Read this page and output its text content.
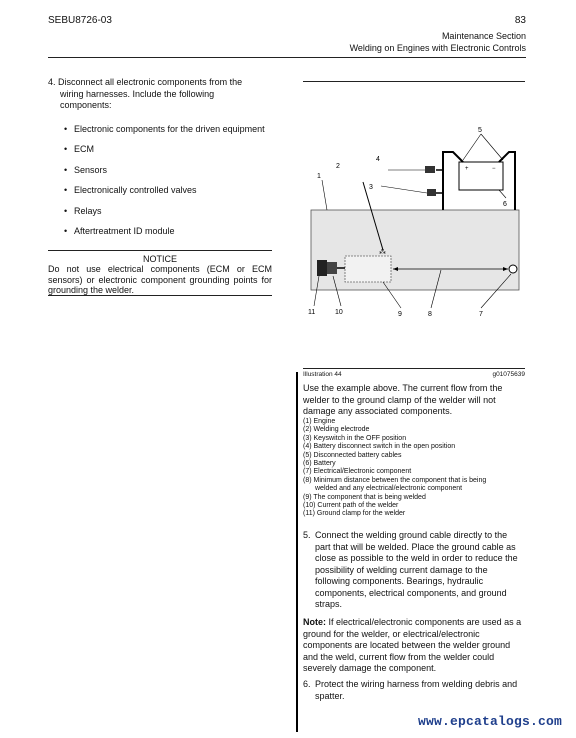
SEBU8726-03	83
Maintenance Section
Welding on Engines with Electronic Controls
4. Disconnect all electronic components from the
wiring harnesses. Include the following
components:
• Electronic components for the driven equipment
• ECM
• Sensors
• Electronically controlled valves
• Relays
• Aftertreatment ID module
NOTICE
Do not use electrical components (ECM or ECM sensors) or electronic component grounding points for grounding the welder.
+	−
⁂
1
2
3
4
5
6
7
8
9
10
11
Illustration 44	g01075639
Use the example above. The current flow from the welder to the ground clamp of the welder will not damage any associated components.
(1) Engine
(2) Welding electrode
(3) Keyswitch in the OFF position
(4) Battery disconnect switch in the open position
(5) Disconnected battery cables
(6) Battery
(7) Electrical/Electronic component
(8) Minimum distance between the component that is being
welded and any electrical/electronic component
(9) The component that is being welded
(10) Current path of the welder
(11) Ground clamp for the welder
5. Connect the welding ground cable directly to the part that will be welded. Place the ground cable as close as possible to the weld in order to reduce the possibility of welding current damage to the following components. Bearings, hydraulic components, electrical components, and ground straps.
Note: If electrical/electronic components are used as a ground for the welder, or electrical/electronic components are located between the welder ground and the weld, current flow from the welder could severely damage the component.
6. Protect the wiring harness from welding debris and spatter.
www.epcatalogs.com
